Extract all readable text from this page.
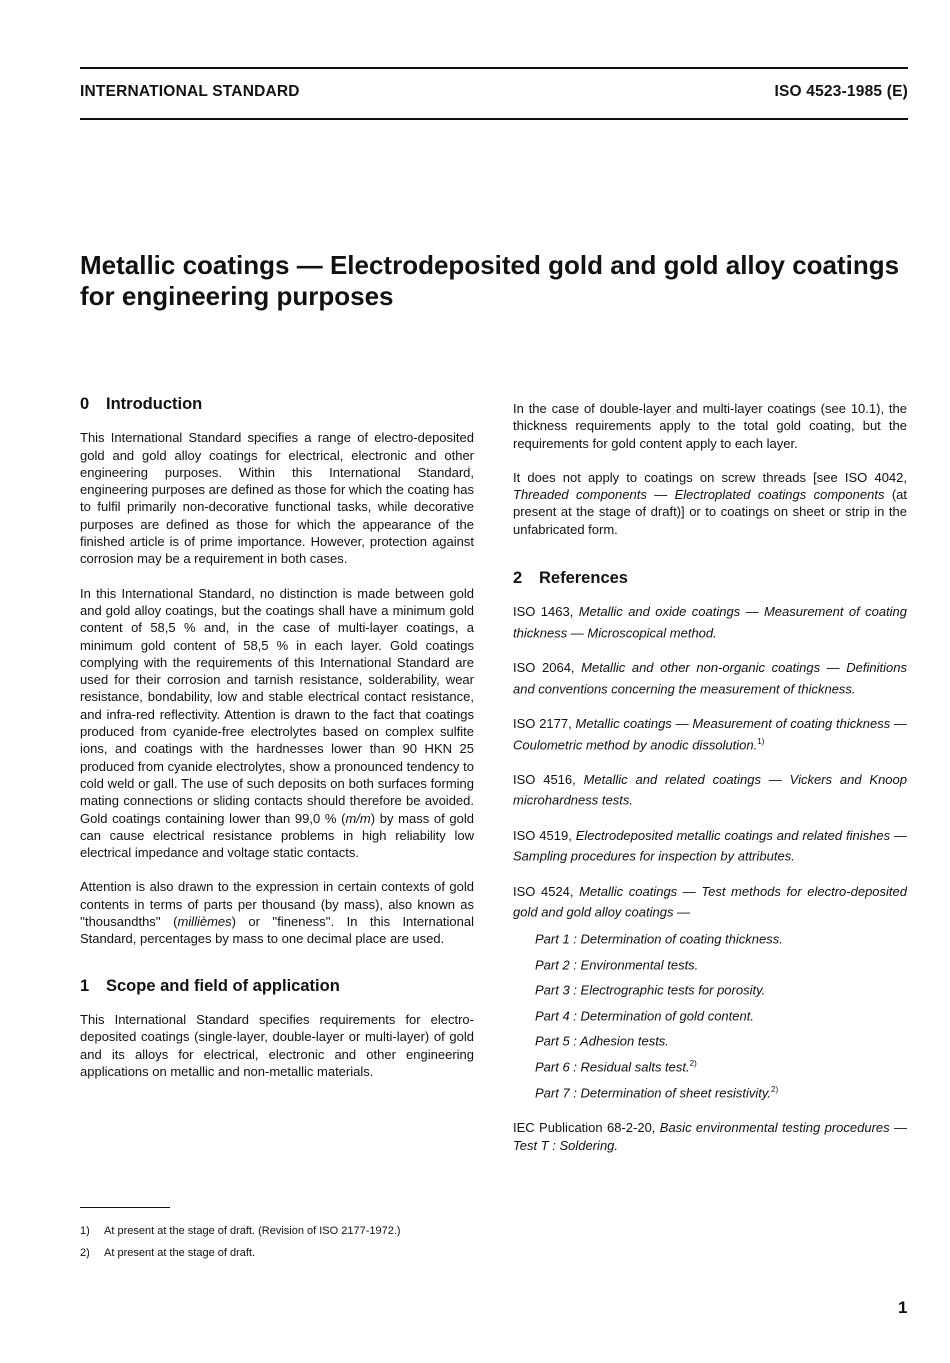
INTERNATIONAL STANDARD	ISO 4523-1985 (E)
Metallic coatings — Electrodeposited gold and gold alloy coatings for engineering purposes
0 Introduction

This International Standard specifies a range of electro-deposited gold and gold alloy coatings for electrical, electronic and other engineering purposes. Within this International Standard, engineering purposes are defined as those for which the coating has to fulfil primarily non-decorative functional tasks, while decorative purposes are defined as those for which the appearance of the finished article is of prime importance. However, protection against corrosion may be a requirement in both cases.

In this International Standard, no distinction is made between gold and gold alloy coatings, but the coatings shall have a minimum gold content of 58,5 % and, in the case of multi-layer coatings, a minimum gold content of 58,5 % in each layer. Gold coatings complying with the requirements of this International Standard are used for their corrosion and tarnish resistance, solderability, wear resistance, bondability, low and stable electrical contact resistance, and infra-red reflectivity. Attention is drawn to the fact that coatings produced from cyanide-free electrolytes based on complex sulfite ions, and coatings with the hardnesses lower than 90 HKN 25 produced from cyanide electrolytes, show a pronounced tendency to cold weld or gall. The use of such deposits on both surfaces forming mating connections or sliding contacts should therefore be avoided. Gold coatings containing lower than 99,0 % (m/m) by mass of gold can cause electrical resistance problems in high reliability low electrical impedance and voltage static contacts.

Attention is also drawn to the expression in certain contexts of gold contents in terms of parts per thousand (by mass), also known as ''thousandths'' (millièmes) or ''fineness''. In this International Standard, percentages by mass to one decimal place are used.

1 Scope and field of application

This International Standard specifies requirements for electro-deposited coatings (single-layer, double-layer or multi-layer) of gold and its alloys for electrical, electronic and other engineering applications on metallic and non-metallic materials.

In the case of double-layer and multi-layer coatings (see 10.1), the thickness requirements apply to the total gold coating, but the requirements for gold content apply to each layer.

It does not apply to coatings on screw threads [see ISO 4042, Threaded components — Electroplated coatings components (at present at the stage of draft)] or to coatings on sheet or strip in the unfabricated form.

2 References

ISO 1463, Metallic and oxide coatings — Measurement of coating thickness — Microscopical method.

ISO 2064, Metallic and other non-organic coatings — Definitions and conventions concerning the measurement of thickness.

ISO 2177, Metallic coatings — Measurement of coating thickness — Coulometric method by anodic dissolution.$^{1)}$

ISO 4516, Metallic and related coatings — Vickers and Knoop microhardness tests.

ISO 4519, Electrodeposited metallic coatings and related finishes — Sampling procedures for inspection by attributes.

ISO 4524, Metallic coatings — Test methods for electro-deposited gold and gold alloy coatings —

Part 1 : Determination of coating thickness.

Part 2 : Environmental tests.

Part 3 : Electrographic tests for porosity.

Part 4 : Determination of gold content.

Part 5 : Adhesion tests.

Part 6 : Residual salts test.$^{2)}$

Part 7 : Determination of sheet resistivity.$^{2)}$

IEC Publication 68-2-20, Basic environmental testing procedures — Test T : Soldering.

1) At present at the stage of draft. (Revision of ISO 2177-1972.)
2) At present at the stage of draft.
1
